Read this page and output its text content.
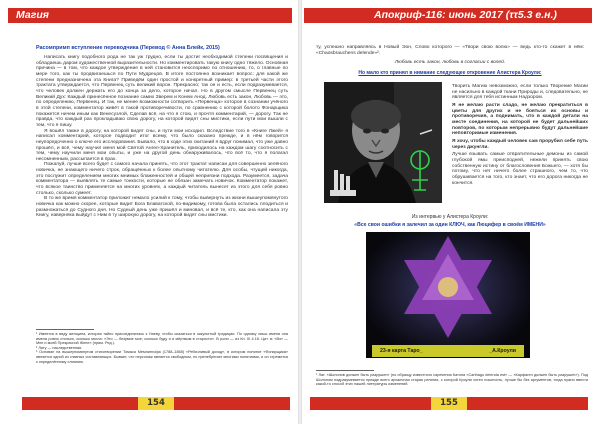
Магия
Расомпримп вступление переводчика (Перевод © Анна Блейк, 2015)

Написать книгу подобного рода не так уж трудно, если ты достиг необходимой степени посвящения и обладаешь даром художественной выразительности. Но комментировать такую книгу одно тяжело. Основная причина — в том, что каждое утверждение в ней становится неоспоримо по отношению, то, о главные по мере того, как ты продвигаешься по Пути Мудрецов. В итоге постоянно возникает вопрос: для какой же степени предназначена эта Книга? Приведём один простой и конкретный пример: в третьей части этого трактата утверждается, что Первенец суть великий ворон. Прекрасно; так он и есть, если подразумевается, что человек должен держать его до конца за дело, которое начал. Но в другом смысле Первенец суть Великий Дух: Каждый принесённое познание самих Зверем и Конем Анод. Любовь есть закон, Любовь — это, по определению, Первенец. И так, не менее возможности сотворить «Первенца» которое в сознании учёного в этой степени, комментатор живёт в такой противоречивости, по сравнению с которой болото Фонарщика покажется ничем иным как Венесуэлой, Сделав всё, на что я стою, и прочтя комментарий, — дорогу. Так не правда, что каждый раз прокладываю свою дорогу, на которой видят сны мистики, если пути мои вышли с тем, что я пишу.

Я вошёл также в дорогу, на которой видят сны, и пути мои исходил. Вследствие того в «Книге Лжей» я написал комментарий, которое подводит итог всему, что было сказано прежде, и в нём говорится неупорядоченно о ключе его исследования. Бывало, что в ходе этих скитаний я вдруг понимал, что уже давно прошёл, и всё, чему научил меня мой Святой Ангел-Хранитель, приходилось на каждом шагу соотносить с тем, чему научили меня мои опыты, и уже на другой день обнаруживалось, что всё то, что я полагал несомненным, рассыпается в прах.

Пожалуй, лучше всего будет с самого начала принять, что этот трактат написан для совершенно зелёного новичка, не знающего ничего строк, обращённых к более опытному читателю. Для особы, чтущей никогда, это послужит определением многих мнимых блаженностей и общей неприязни подхода. Разумеется, задача комментатора — выявлять те самые тонкости, которые не обязан замечать новичок. Комментатор покажет, что всякое таинство применяется на многих уровнях, а каждый читатель вынесет из этого для себя ровно столько, сколько сумеет.

В то же время комментатор приложит немало усилий к тому, чтобы вывернуть из жизни вышеупомянутого новичка как можно скорее, которые видит Бога Блаватской, по-видимому, готова была остались плодиться и размножаться до Судного дня. Но Судный день уже пришёл и миновал, и всё те, кто, как она написала эту Книгу, наверняка выйдут с Ним в ту широкую дорогу, на которой видят сны мистики.

¹ Имеется в виду женщина, которая тайно присоединилась к Наеву, чтобы оказаться в оккультной традиции. По одному лишь имени она имела ровно столько, сколько могла: «Это — безумие мое; сколько буду я и мёртвым в старости». В роли — из Кн. III 4.16. Цит. в: «Вот — Мне и моей Прекрасной Жене» (прим. Ред.).

² Лату — наследственная.

³ Основан на вышеупомянутом стихотворении Томаса Мемлингофа (1788–1865) «Ребячливый доход», в котором понятие «Фонарщика» является одной из главных составляющих. Бывает, что персонаж является свободным, но пренебрегает многими понятиями, и он стремится к определённому слиянию.

154
Апокриф-116: июнь 2017 (ττ5.3 е.н.)

ту, успешно направляясь в Новый Эон, Слово которого — «Твори свою волю» — ведь кто-то скажет в нём: «Chaosbrauchens delende»².

Любовь есть закон, любовь в согласии с волей.
Но мало кто принял в нимание следующее откровение Алистера Кроули:

Творить Магию невозможно, если только Творение Магии не насильно в каждой ткани Природы и, следовательно, не является для тебя истинным Надзором.

Я не желаю расти сладо, не желаю прекратиться в цветы для других и не бояться их основы и противоречия, а поднимать, что в каждой детали на месте соединения, на которой не будет дальнейших повторов, по которым непрерывно будут дальнейшие неповторимые изменения.

Я хочу, чтобы каждый человек сам прорубил себе путь через джунгли.

Лучше взывать самые отвратительные демоны из самой глубокой ямы преисподней, нежели принять свою собственную истину от благословения Божьего, — хотя бы потому, что нет ничего более страшного, чем то, что обрушивается на того, кто знает, что его дорога никогда не кончится.

Из интервью у Алистера Кроули:
«Все свои ошибки я залечил за один КЛЮЧ, как Люцифер в своём ИМЕНИ»
23-я карта Таро_	_А.Кроули

¹ Лат. «Шолонов должен быть разрушен» (по образцу известного изречения Катона «Carthago delenda est» — «Карфаген должен быть разрушен»). Под Шолоном подразумевается прежде всего архаичная старая религия, с которой Кроули хотел покончить, лучше бы без аргументов, тогда нужно ввести какой-то способ этих нашей литературы изменений.

155
